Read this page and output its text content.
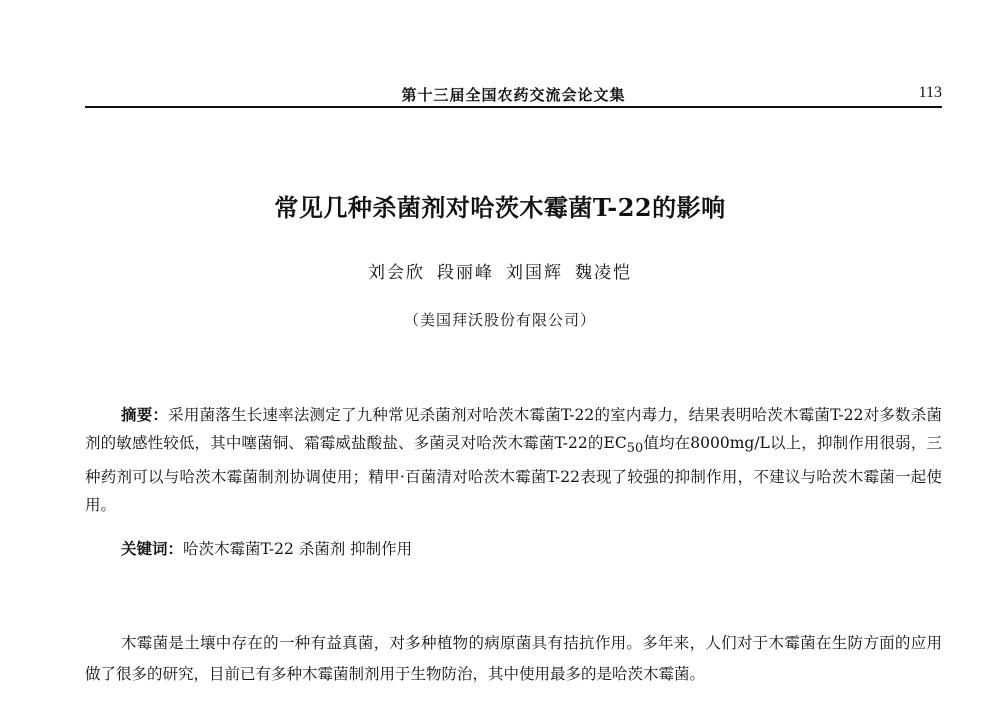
第十三届全国农药交流会论文集	113
常见几种杀菌剂对哈茨木霉菌T-22的影响
刘会欣 段丽峰 刘国辉 魏凌恺
（美国拜沃股份有限公司）

摘要：采用菌落生长速率法测定了九种常见杀菌剂对哈茨木霉菌T-22的室内毒力，结果表明哈茨木霉菌T-22对多数杀菌剂的敏感性较低，其中噻菌铜、霜霉威盐酸盐、多菌灵对哈茨木霉菌T-22的$EC_{50}$值均在8000mg/L以上，抑制作用很弱，三种药剂可以与哈茨木霉菌制剂协调使用；精甲·百菌清对哈茨木霉菌T-22表现了较强的抑制作用，不建议与哈茨木霉菌一起使用。

关键词：哈茨木霉菌T-22 杀菌剂 抑制作用

木霉菌是土壤中存在的一种有益真菌，对多种植物的病原菌具有拮抗作用。多年来，人们对于木霉菌在生防方面的应用做了很多的研究，目前已有多种木霉菌制剂用于生物防治，其中使用最多的是哈茨木霉菌。
